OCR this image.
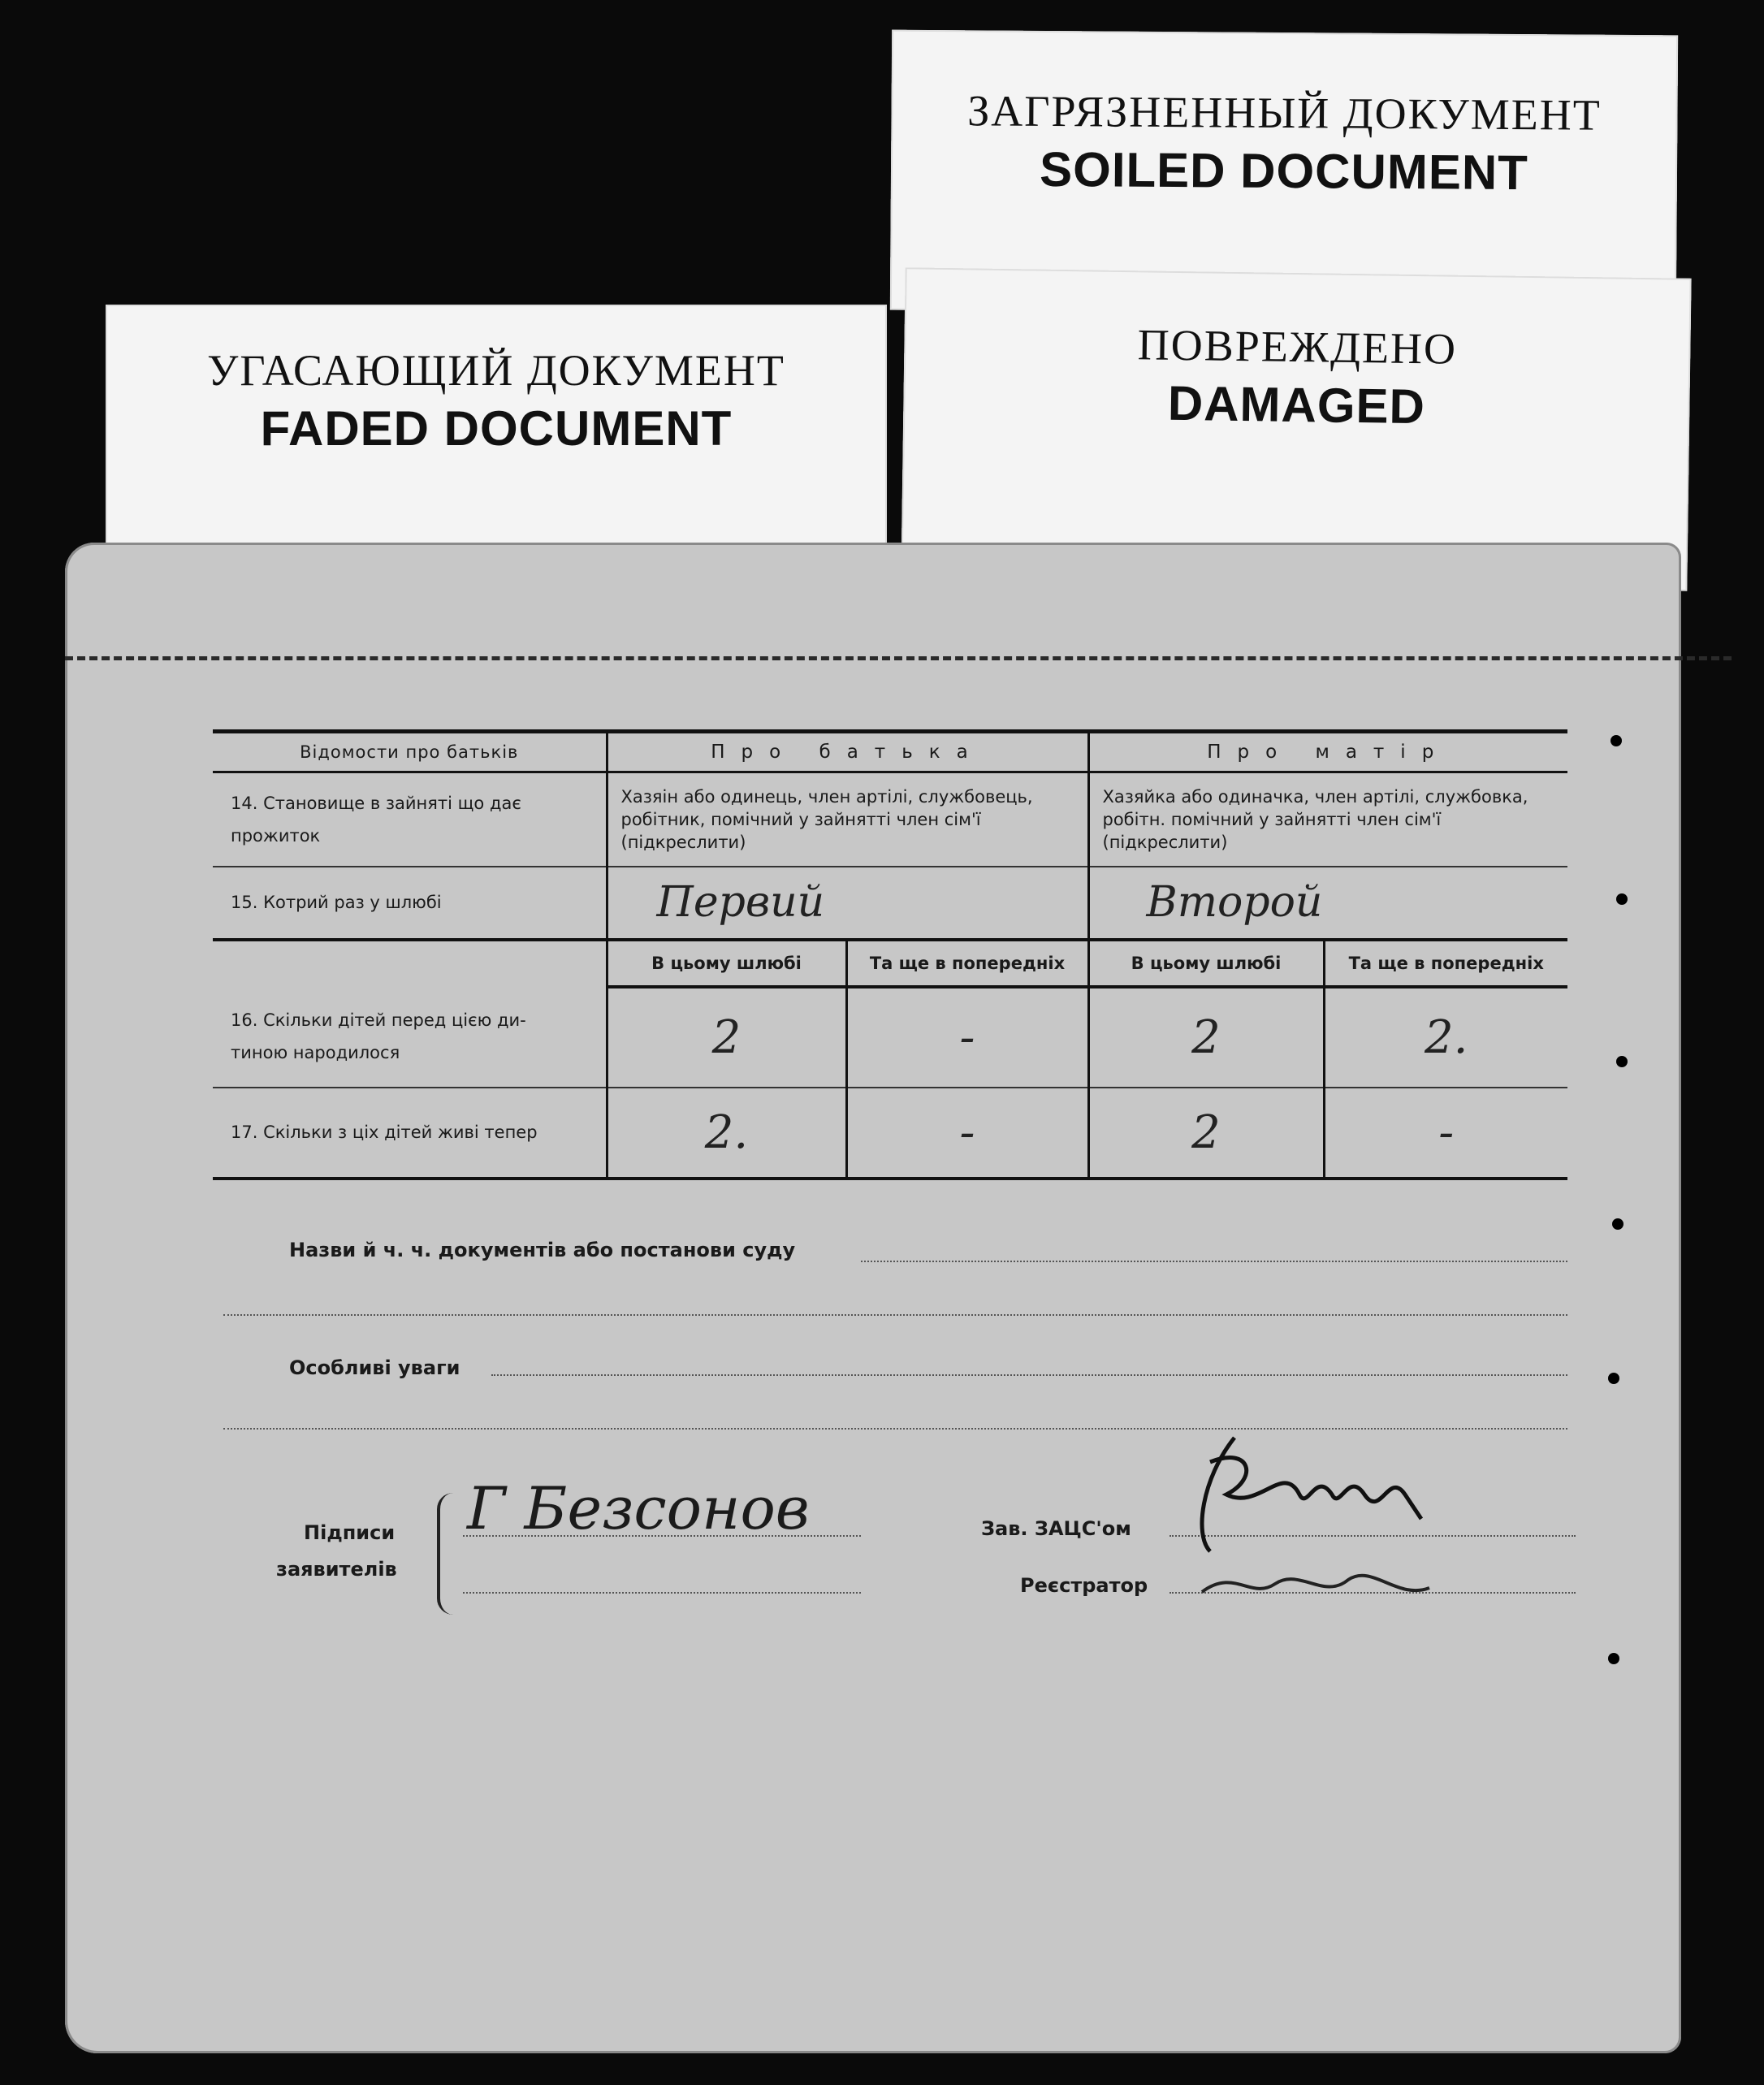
ЗАГРЯЗНЕННЫЙ ДОКУМЕНТ
SOILED DOCUMENT
УГАСАЮЩИЙ ДОКУМЕНТ
FADED DOCUMENT
ПОВРЕЖДЕНО
DAMAGED
Відомости про батьків	Про батька		Про матір	

14. Становище в зайняті що дає
прожиток	Хазяін або одинець, член артілі, службовець, робітник, помічний у зайнятті член сім'ї (підкреслити)		Хазяйка або одиначка, член артілі, службовка, робітн. помічний у зайнятті член сім'ї (підкреслити)	
15. Котрий раз у шлюбі	Первий		Второй	
	В цьому шлюбі	Та ще в попередніх	В цьому шлюбі	Та ще в попередніх

16. Скільки дітей перед цією ди-
тиною народилося	2	-	2	2.
17. Скільки з ціх дітей живі тепер	2.	-	2	-
Назви й ч. ч. документів або постанови суду
Особливі уваги
Підписи
заявителів
Г Безсонов	Зав. ЗАЦС'ом
Реєстратор
